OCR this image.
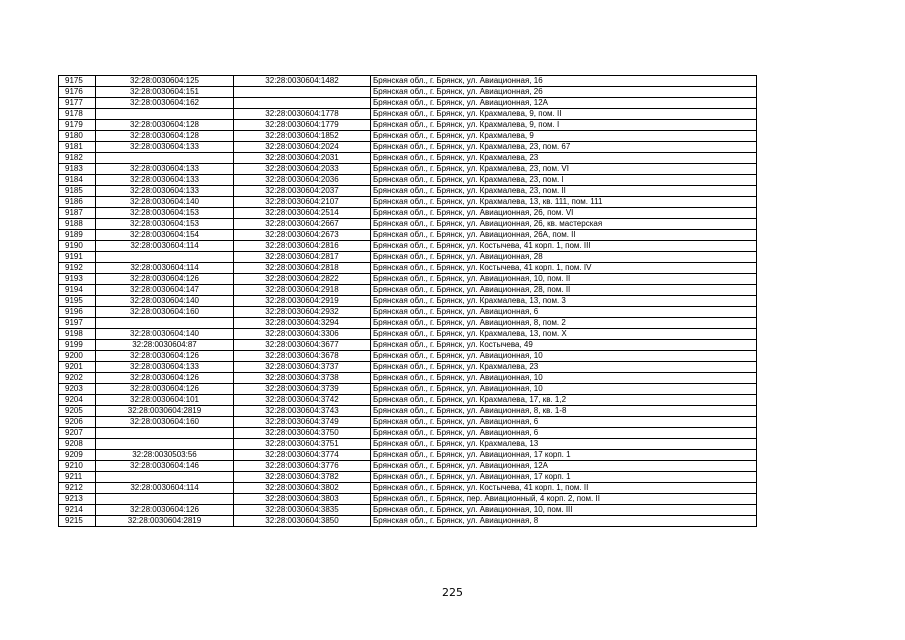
9175	32:28:0030604:125	32:28:0030604:1482	Брянская обл., г. Брянск, ул. Авиационная, 16
9176	32:28:0030604:151		Брянская обл., г. Брянск, ул. Авиационная, 26
9177	32:28:0030604:162		Брянская обл., г. Брянск, ул. Авиационная, 12А
9178		32:28:0030604:1778	Брянская обл., г. Брянск, ул. Крахмалева, 9, пом. II
9179	32:28:0030604:128	32:28:0030604:1779	Брянская обл., г. Брянск, ул. Крахмалева, 9, пом. I
9180	32:28:0030604:128	32:28:0030604:1852	Брянская обл., г. Брянск, ул. Крахмалева, 9
9181	32:28:0030604:133	32:28:0030604:2024	Брянская обл., г. Брянск, ул. Крахмалева, 23, пом. 67
9182		32:28:0030604:2031	Брянская обл., г. Брянск, ул. Крахмалева, 23
9183	32:28:0030604:133	32:28:0030604:2033	Брянская обл., г. Брянск, ул. Крахмалева, 23, пом. VI
9184	32:28:0030604:133	32:28:0030604:2036	Брянская обл., г. Брянск, ул. Крахмалева, 23, пом. I
9185	32:28:0030604:133	32:28:0030604:2037	Брянская обл., г. Брянск, ул. Крахмалева, 23, пом. II
9186	32:28:0030604:140	32:28:0030604:2107	Брянская обл., г. Брянск, ул. Крахмалева, 13, кв. 111, пом. 111
9187	32:28:0030604:153	32:28:0030604:2514	Брянская обл., г. Брянск, ул. Авиационная, 26, пом. VI
9188	32:28:0030604:153	32:28:0030604:2667	Брянская обл., г. Брянск, ул. Авиационная, 26, кв. мастерская
9189	32:28:0030604:154	32:28:0030604:2673	Брянская обл., г. Брянск, ул. Авиационная, 26А, пом. II
9190	32:28:0030604:114	32:28:0030604:2816	Брянская обл., г. Брянск, ул. Костычева, 41 корп. 1, пом. III
9191		32:28:0030604:2817	Брянская обл., г. Брянск, ул. Авиационная, 28
9192	32:28:0030604:114	32:28:0030604:2818	Брянская обл., г. Брянск, ул. Костычева, 41 корп. 1, пом. IV
9193	32:28:0030604:126	32:28:0030604:2822	Брянская обл., г. Брянск, ул. Авиационная, 10, пом. II
9194	32:28:0030604:147	32:28:0030604:2918	Брянская обл., г. Брянск, ул. Авиационная, 28, пом. II
9195	32:28:0030604:140	32:28:0030604:2919	Брянская обл., г. Брянск, ул. Крахмалева, 13, пом. 3
9196	32:28:0030604:160	32:28:0030604:2932	Брянская обл., г. Брянск, ул. Авиационная, 6
9197		32:28:0030604:3294	Брянская обл., г. Брянск, ул. Авиационная, 8, пом. 2
9198	32:28:0030604:140	32:28:0030604:3306	Брянская обл., г. Брянск, ул. Крахмалева, 13, пом. X
9199	32:28:0030604:87	32:28:0030604:3677	Брянская обл., г. Брянск, ул. Костычева, 49
9200	32:28:0030604:126	32:28:0030604:3678	Брянская обл., г. Брянск, ул. Авиационная, 10
9201	32:28:0030604:133	32:28:0030604:3737	Брянская обл., г. Брянск, ул. Крахмалева, 23
9202	32:28:0030604:126	32:28:0030604:3738	Брянская обл., г. Брянск, ул. Авиационная, 10
9203	32:28:0030604:126	32:28:0030604:3739	Брянская обл., г. Брянск, ул. Авиационная, 10
9204	32:28:0030604:101	32:28:0030604:3742	Брянская обл., г. Брянск, ул. Крахмалева, 17, кв. 1,2
9205	32:28:0030604:2819	32:28:0030604:3743	Брянская обл., г. Брянск, ул. Авиационная, 8, кв. 1-8
9206	32:28:0030604:160	32:28:0030604:3749	Брянская обл., г. Брянск, ул. Авиационная, 6
9207		32:28:0030604:3750	Брянская обл., г. Брянск, ул. Авиационная, 6
9208		32:28:0030604:3751	Брянская обл., г. Брянск, ул. Крахмалева, 13
9209	32:28:0030503:56	32:28:0030604:3774	Брянская обл., г. Брянск, ул. Авиационная, 17 корп. 1
9210	32:28:0030604:146	32:28:0030604:3776	Брянская обл., г. Брянск, ул. Авиационная, 12А
9211		32:28:0030604:3782	Брянская обл., г. Брянск, ул. Авиационная, 17 корп. 1
9212	32:28:0030604:114	32:28:0030604:3802	Брянская обл., г. Брянск, ул. Костычева, 41 корп. 1, пом. II
9213		32:28:0030604:3803	Брянская обл., г. Брянск, пер. Авиационный, 4 корп. 2, пом. II
9214	32:28:0030604:126	32:28:0030604:3835	Брянская обл., г. Брянск, ул. Авиационная, 10, пом. III
9215	32:28:0030604:2819	32:28:0030604:3850	Брянская обл., г. Брянск, ул. Авиационная, 8
225
